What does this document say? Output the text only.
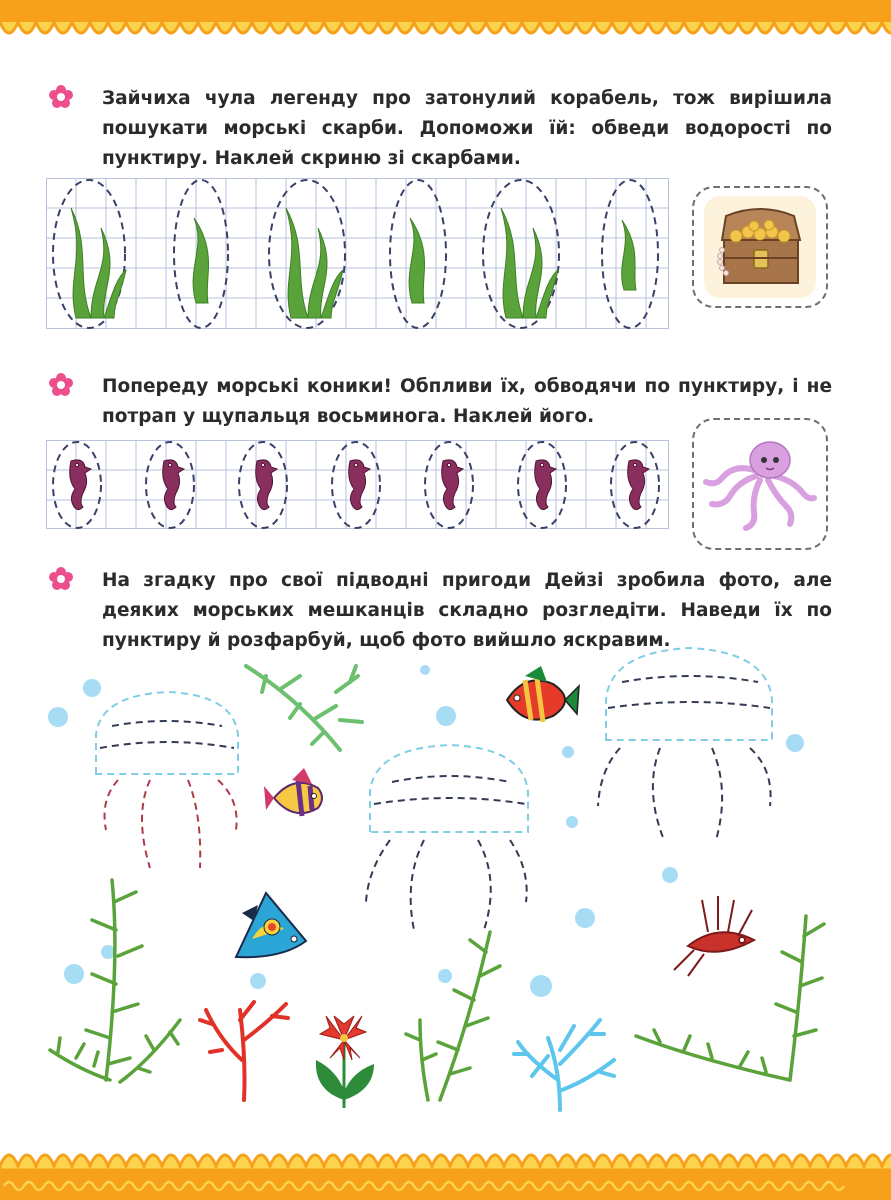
Зайчиха чула легенду про затонулий корабель, тож вирішила пошукати морські скарби. Допоможи їй: обведи водорості по пунктиру. Наклей скриню зі скарбами.

Попереду морські коники! Обпливи їх, обводячи по пунктиру, і не потрап у щупальця восьминога. Наклей його.

На згадку про свої підводні пригоди Дейзі зробила фото, але деяких морських мешканців складно розгледіти. Наведи їх по пунктиру й розфарбуй, щоб фото вийшло яскравим.
